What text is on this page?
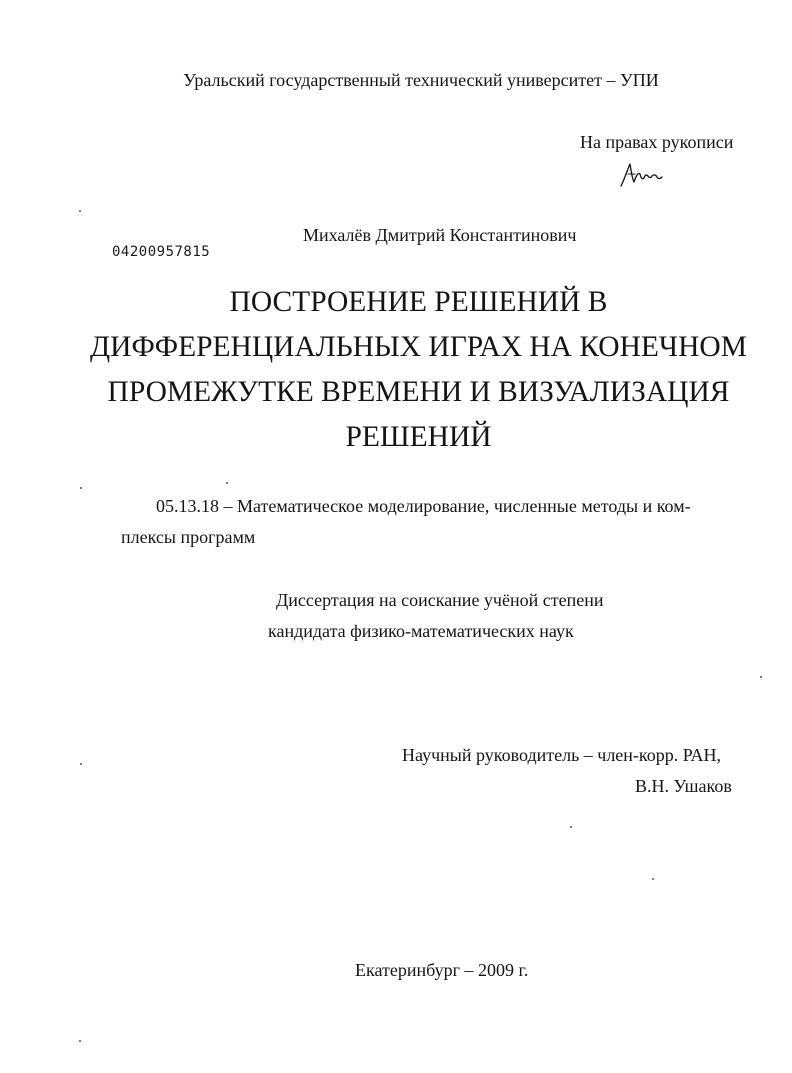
Уральский государственный технический университет – УПИ
На правах рукописи
Михалёв Дмитрий Константинович
04200957815
ПОСТРОЕНИЕ РЕШЕНИЙ В
ДИФФЕРЕНЦИАЛЬНЫХ ИГРАХ НА КОНЕЧНОМ
ПРОМЕЖУТКЕ ВРЕМЕНИ И ВИЗУАЛИЗАЦИЯ
РЕШЕНИЙ
05.13.18 – Математическое моделирование, численные методы и ком-
плексы программ
Диссертация на соискание учёной степени
кандидата физико-математических наук
Научный руководитель – член-корр. РАН,
В.Н. Ушаков
Екатеринбург – 2009 г.
